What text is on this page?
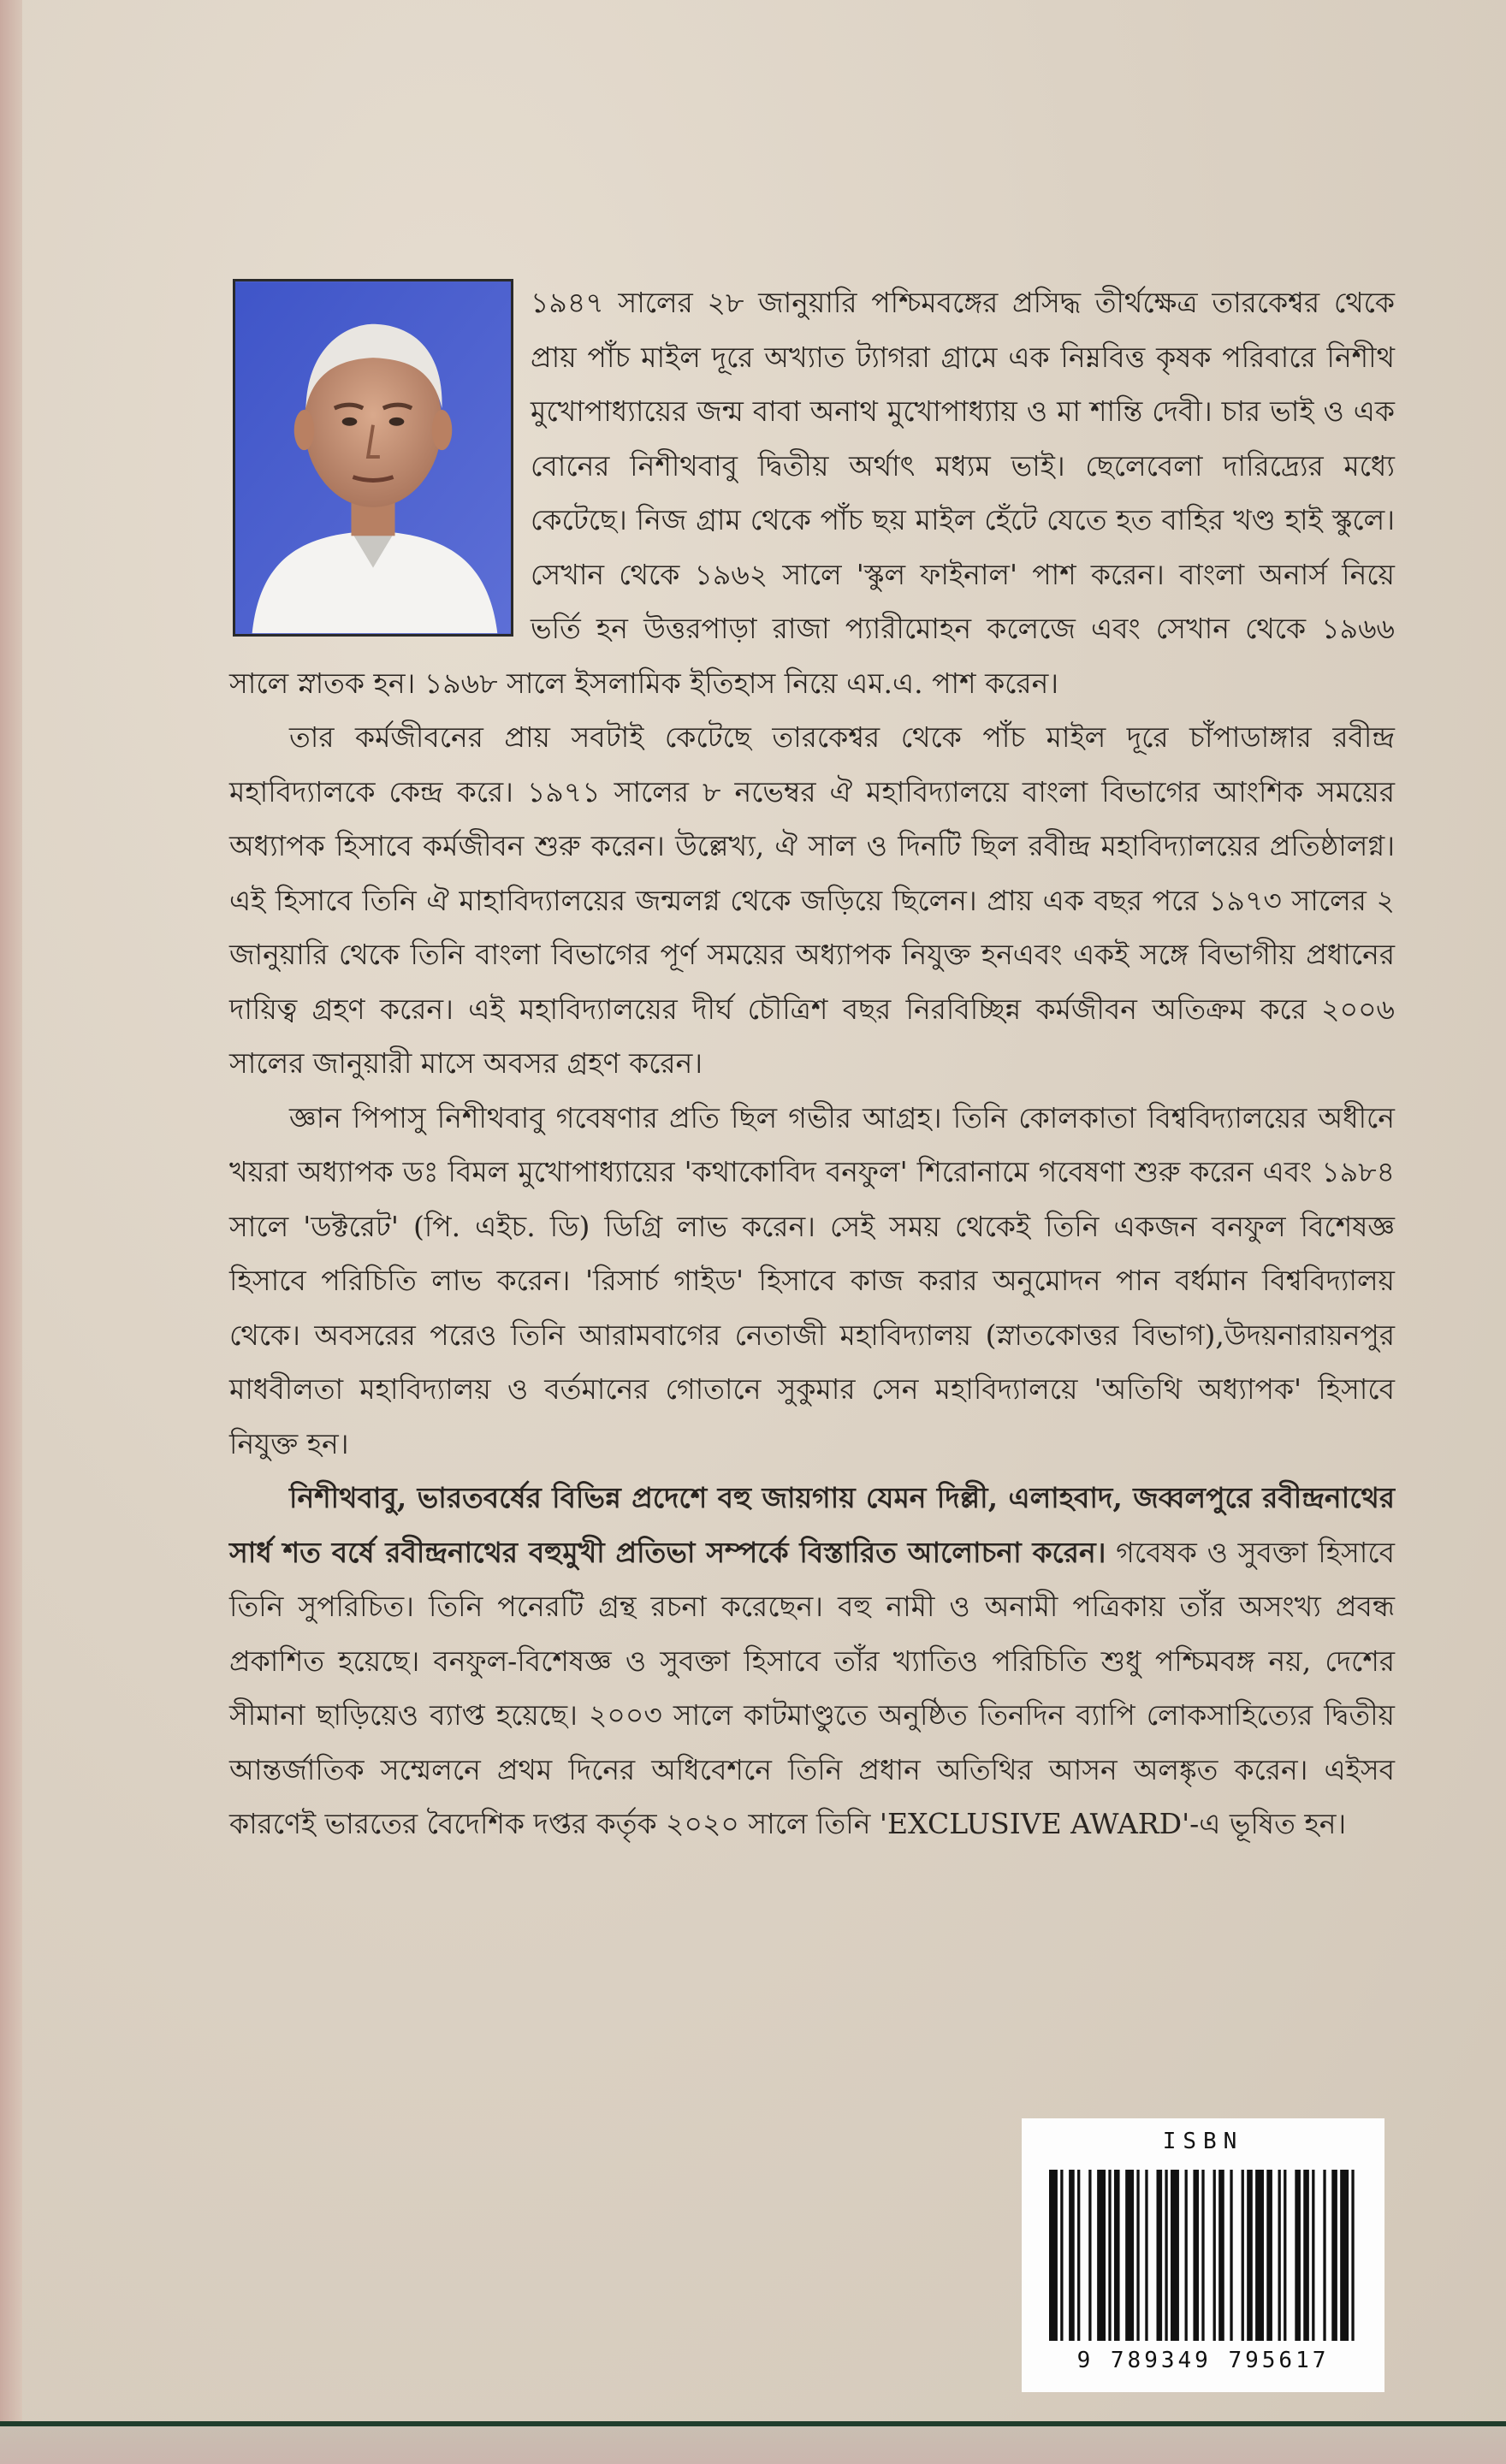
১৯৪৭ সালের ২৮ জানুয়ারি পশ্চিমবঙ্গের প্রসিদ্ধ তীর্থক্ষেত্র তারকেশ্বর থেকে প্রায় পাঁচ মাইল দূরে অখ্যাত ট্যাগরা গ্রামে এক নিম্নবিত্ত কৃষক পরিবারে নিশীথ মুখোপাধ্যায়ের জন্ম বাবা অনাথ মুখোপাধ্যায় ও মা শান্তি দেবী। চার ভাই ও এক বোনের নিশীথবাবু দ্বিতীয় অর্থাৎ মধ্যম ভাই। ছেলেবেলা দারিদ্র্যের মধ্যে কেটেছে। নিজ গ্রাম থেকে পাঁচ ছয় মাইল হেঁটে যেতে হত বাহির খণ্ড হাই স্কুলে। সেখান থেকে ১৯৬২ সালে 'স্কুল ফাইনাল' পাশ করেন। বাংলা অনার্স নিয়ে ভর্তি হন উত্তরপাড়া রাজা প্যারীমোহন কলেজে এবং সেখান থেকে ১৯৬৬ সালে স্নাতক হন। ১৯৬৮ সালে ইসলামিক ইতিহাস নিয়ে এম.এ. পাশ করেন।

তার কর্মজীবনের প্রায় সবটাই কেটেছে তারকেশ্বর থেকে পাঁচ মাইল দূরে চাঁপাডাঙ্গার রবীন্দ্র মহাবিদ্যালকে কেন্দ্র করে। ১৯৭১ সালের ৮ নভেম্বর ঐ মহাবিদ্যালয়ে বাংলা বিভাগের আংশিক সময়ের অধ্যাপক হিসাবে কর্মজীবন শুরু করেন। উল্লেখ্য, ঐ সাল ও দিনটি ছিল রবীন্দ্র মহাবিদ্যালয়ের প্রতিষ্ঠালগ্ন। এই হিসাবে তিনি ঐ মাহাবিদ্যালয়ের জন্মলগ্ন থেকে জড়িয়ে ছিলেন। প্রায় এক বছর পরে ১৯৭৩ সালের ২ জানুয়ারি থেকে তিনি বাংলা বিভাগের পূর্ণ সময়ের অধ্যাপক নিযুক্ত হনএবং একই সঙ্গে বিভাগীয় প্রধানের দায়িত্ব গ্রহণ করেন। এই মহাবিদ্যালয়ের দীর্ঘ চৌত্রিশ বছর নিরবিচ্ছিন্ন কর্মজীবন অতিক্রম করে ২০০৬ সালের জানুয়ারী মাসে অবসর গ্রহণ করেন।

জ্ঞান পিপাসু নিশীথবাবু গবেষণার প্রতি ছিল গভীর আগ্রহ। তিনি কোলকাতা বিশ্ববিদ্যালয়ের অধীনে খয়রা অধ্যাপক ডঃ বিমল মুখোপাধ্যায়ের 'কথাকোবিদ বনফুল' শিরোনামে গবেষণা শুরু করেন এবং ১৯৮৪ সালে 'ডক্টরেট' (পি. এইচ. ডি) ডিগ্রি লাভ করেন। সেই সময় থেকেই তিনি একজন বনফুল বিশেষজ্ঞ হিসাবে পরিচিতি লাভ করেন। 'রিসার্চ গাইড' হিসাবে কাজ করার অনুমোদন পান বর্ধমান বিশ্ববিদ্যালয় থেকে। অবসরের পরেও তিনি আরামবাগের নেতাজী মহাবিদ্যালয় (স্নাতকোত্তর বিভাগ),উদয়নারায়নপুর মাধবীলতা মহাবিদ্যালয় ও বর্তমানের গোতানে সুকুমার সেন মহাবিদ্যালয়ে 'অতিথি অধ্যাপক' হিসাবে নিযুক্ত হন।

নিশীথবাবু, ভারতবর্ষের বিভিন্ন প্রদেশে বহু জায়গায় যেমন দিল্লী, এলাহবাদ, জব্বলপুরে রবীন্দ্রনাথের সার্ধ শত বর্ষে রবীন্দ্রনাথের বহুমুখী প্রতিভা সম্পর্কে বিস্তারিত আলোচনা করেন। গবেষক ও সুবক্তা হিসাবে তিনি সুপরিচিত। তিনি পনেরটি গ্রন্থ রচনা করেছেন। বহু নামী ও অনামী পত্রিকায় তাঁর অসংখ্য প্রবন্ধ প্রকাশিত হয়েছে। বনফুল-বিশেষজ্ঞ ও সুবক্তা হিসাবে তাঁর খ্যাতিও পরিচিতি শুধু পশ্চিমবঙ্গ নয়, দেশের সীমানা ছাড়িয়েও ব্যাপ্ত হয়েছে। ২০০৩ সালে কাটমাণ্ডুতে অনুষ্ঠিত তিনদিন ব্যাপি লোকসাহিত্যের দ্বিতীয় আন্তর্জাতিক সম্মেলনে প্রথম দিনের অধিবেশনে তিনি প্রধান অতিথির আসন অলঙ্কৃত করেন। এইসব কারণেই ভারতের বৈদেশিক দপ্তর কর্তৃক ২০২০ সালে তিনি 'EXCLUSIVE AWARD'-এ ভূষিত হন।

ISBN
9 789349 795617
